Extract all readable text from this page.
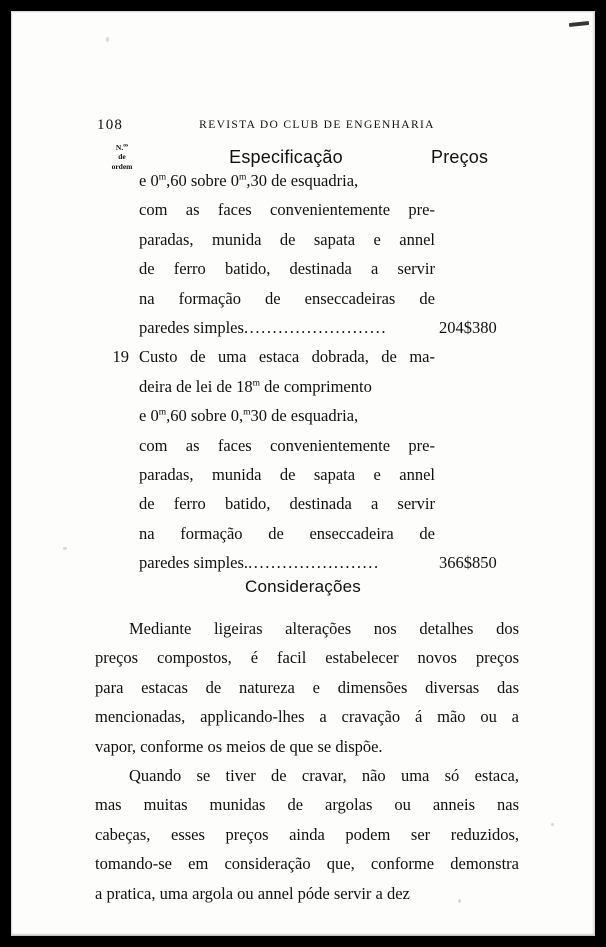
108	REVISTA DO CLUB DE ENGENHARIA
N.$^{os}$
de
ordem	Especificação	Preços
e 0$^m$,60 sobre 0$^m$,30 de esquadria,
com as faces convenientemente pre-
paradas, munida de sapata e annel
de ferro batido, destinada a servir
na formação de enseccadeiras de
paredes simples.........................	204$380
19 Custo de uma estaca dobrada, de ma-
deira de lei de 18$^m$ de comprimento
e 0$^m$,60 sobre 0,$^m$30 de esquadria,
com as faces convenientemente pre-
paradas, munida de sapata e annel
de ferro batido, destinada a servir
na formação de enseccadeira de
paredes simples........................	366$850
Considerações
Mediante ligeiras alterações nos detalhes dos
preços compostos, é facil estabelecer novos preços
para estacas de natureza e dimensões diversas das
mencionadas, applicando-lhes a cravação á mão ou a
vapor, conforme os meios de que se dispõe.
Quando se tiver de cravar, não uma só estaca,
mas muitas munidas de argolas ou anneis nas
cabeças, esses preços ainda podem ser reduzidos,
tomando-se em consideração que, conforme demonstra
a pratica, uma argola ou annel póde servir a dez
